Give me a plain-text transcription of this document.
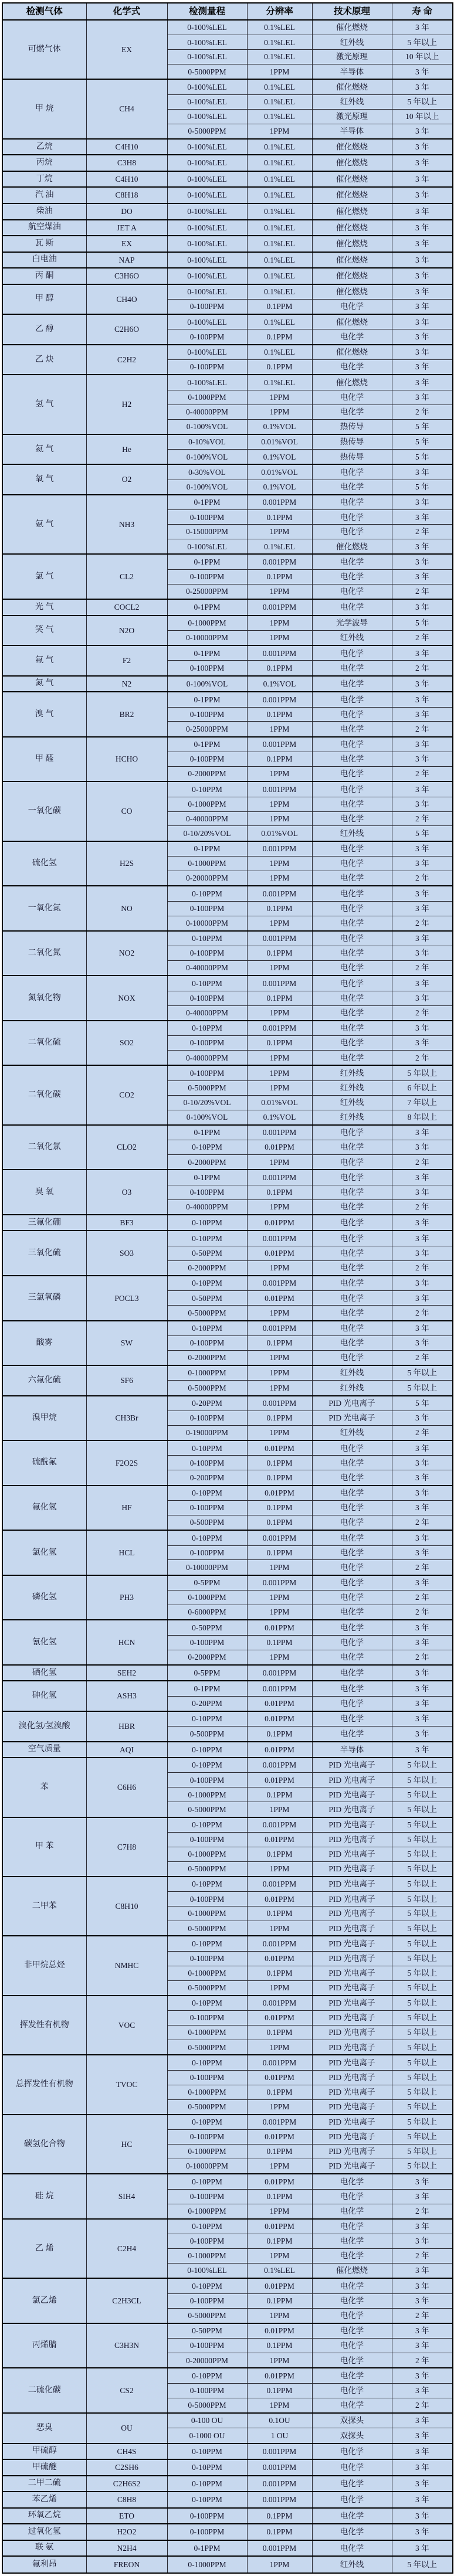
检测气体	化学式	检测量程	分辨率	技术原理	寿 命
可燃气体	EX	0-100%LEL	0.1%LEL	催化燃烧	3 年
		0-100%LEL	0.1%LEL	红外线	5 年以上
		0-100%LEL	0.1%LEL	激光原理	10 年以上
		0-5000PPM	1PPM	半导体	3 年
甲 烷	CH4	0-100%LEL	0.1%LEL	催化燃烧	3 年
		0-100%LEL	0.1%LEL	红外线	5 年以上
		0-100%LEL	0.1%LEL	激光原理	10 年以上
		0-5000PPM	1PPM	半导体	3 年
乙烷	C4H10	0-100%LEL	0.1%LEL	催化燃烧	3 年
丙烷	C3H8	0-100%LEL	0.1%LEL	催化燃烧	3 年
丁烷	C4H10	0-100%LEL	0.1%LEL	催化燃烧	3 年
汽 油	C8H18	0-100%LEL	0.1%LEL	催化燃烧	3 年
柴油	DO	0-100%LEL	0.1%LEL	催化燃烧	3 年
航空煤油	JET A	0-100%LEL	0.1%LEL	催化燃烧	3 年
瓦 斯	EX	0-100%LEL	0.1%LEL	催化燃烧	3 年
白电油	NAP	0-100%LEL	0.1%LEL	催化燃烧	3 年
丙 酮	C3H6O	0-100%LEL	0.1%LEL	催化燃烧	3 年
甲 醇	CH4O	0-100%LEL	0.1%LEL	催化燃烧	3 年
		0-100PPM	0.1PPM	电化学	3 年
乙 醇	C2H6O	0-100%LEL	0.1%LEL	催化燃烧	3 年
		0-100PPM	0.1PPM	电化学	3 年
乙 炔	C2H2	0-100%LEL	0.1%LEL	催化燃烧	3 年
		0-100PPM	0.1PPM	电化学	3 年
氢 气	H2	0-100%LEL	0.1%LEL	催化燃烧	3 年
		0-1000PPM	1PPM	电化学	3 年
		0-40000PPM	1PPM	电化学	2 年
		0-100%VOL	0.1%VOL	热传导	5 年
氦 气	He	0-10%VOL	0.01%VOL	热传导	5 年
		0-100%VOL	0.1%VOL	热传导	5 年
氧 气	O2	0-30%VOL	0.01%VOL	电化学	3 年
		0-100%VOL	0.1%VOL	电化学	5 年
氨 气	NH3	0-1PPM	0.001PPM	电化学	3 年
		0-100PPM	0.1PPM	电化学	3 年
		0-15000PPM	1PPM	电化学	2 年
		0-100%LEL	0.1%LEL	催化燃烧	3 年
氯 气	CL2	0-1PPM	0.001PPM	电化学	3 年
		0-100PPM	0.1PPM	电化学	3 年
		0-25000PPM	1PPM	电化学	2 年
光 气	COCL2	0-1PPM	0.001PPM	电化学	3 年
笑 气	N2O	0-1000PPM	1PPM	光学波导	5 年
		0-10000PPM	1PPM	红外线	2 年
氟 气	F2	0-1PPM	0.001PPM	电化学	3 年
		0-100PPM	0.1PPM	电化学	2 年
氮 气	N2	0-100%VOL	0.1%VOL	电化学	3 年
溴 气	BR2	0-1PPM	0.001PPM	电化学	3 年
		0-100PPM	0.1PPM	电化学	3 年
		0-25000PPM	1PPM	电化学	2 年
甲 醛	HCHO	0-1PPM	0.001PPM	电化学	3 年
		0-100PPM	0.1PPM	电化学	3 年
		0-2000PPM	1PPM	电化学	2 年
一氧化碳	CO	0-10PPM	0.001PPM	电化学	3 年
		0-1000PPM	1PPM	电化学	3 年
		0-40000PPM	1PPM	电化学	2 年
		0-10/20%VOL	0.01%VOL	红外线	5 年
硫化氢	H2S	0-1PPM	0.001PPM	电化学	3 年
		0-1000PPM	1PPM	电化学	3 年
		0-20000PPM	1PPM	电化学	2 年
一氧化氮	NO	0-10PPM	0.001PPM	电化学	3 年
		0-100PPM	0.1PPM	电化学	3 年
		0-10000PPM	1PPM	电化学	2 年
二氧化氮	NO2	0-10PPM	0.001PPM	电化学	3 年
		0-100PPM	0.1PPM	电化学	3 年
		0-40000PPM	1PPM	电化学	2 年
氮氧化物	NOX	0-10PPM	0.001PPM	电化学	3 年
		0-100PPM	0.1PPM	电化学	3 年
		0-40000PPM	1PPM	电化学	2 年
二氧化硫	SO2	0-10PPM	0.001PPM	电化学	3 年
		0-100PPM	0.1PPM	电化学	3 年
		0-40000PPM	1PPM	电化学	2 年
二氧化碳	CO2	0-100PPM	1PPM	红外线	5 年以上
		0-5000PPM	1PPM	红外线	6 年以上
		0-10/20%VOL	0.01%VOL	红外线	7 年以上
		0-100%VOL	0.1%VOL	红外线	8 年以上
二氧化氯	CLO2	0-1PPM	0.001PPM	电化学	3 年
		0-10PPM	0.01PPM	电化学	3 年
		0-2000PPM	1PPM	电化学	2 年
臭 氧	O3	0-1PPM	0.001PPM	电化学	3 年
		0-100PPM	0.1PPM	电化学	3 年
		0-40000PPM	1PPM	电化学	2 年
三氟化硼	BF3	0-10PPM	0.01PPM	电化学	3 年
三氧化硫	SO3	0-10PPM	0.001PPM	电化学	3 年
		0-50PPM	0.01PPM	电化学	3 年
		0-2000PPM	1PPM	电化学	2 年
三氯氧磷	POCL3	0-10PPM	0.001PPM	电化学	3 年
		0-50PPM	0.01PPM	电化学	3 年
		0-5000PPM	1PPM	电化学	2 年
酸雾	SW	0-10PPM	0.001PPM	电化学	3 年
		0-100PPM	0.1PPM	电化学	3 年
		0-2000PPM	1PPM	电化学	2 年
六氟化硫	SF6	0-1000PPM	1PPM	红外线	5 年以上
		0-5000PPM	1PPM	红外线	5 年以上
溴甲烷	CH3Br	0-20PPM	0.001PPM	PID 光电离子	5 年
		0-100PPM	0.1PPM	PID 光电离子	3 年
		0-19000PPM	1PPM	红外线	2 年
硫酰氟	F2O2S	0-10PPM	0.01PPM	电化学	3 年
		0-100PPM	0.1PPM	电化学	3 年
		0-200PPM	0.1PPM	电化学	3 年
氟化氢	HF	0-10PPM	0.01PPM	电化学	3 年
		0-100PPM	0.1PPM	电化学	3 年
		0-500PPM	0.1PPM	电化学	2 年
氯化氢	HCL	0-10PPM	0.001PPM	电化学	3 年
		0-100PPM	0.1PPM	电化学	3 年
		0-10000PPM	1PPM	电化学	2 年
磷化氢	PH3	0-5PPM	0.001PPM	电化学	3 年
		0-1000PPM	1PPM	电化学	2 年
		0-6000PPM	1PPM	电化学	2 年
氰化氢	HCN	0-50PPM	0.01PPM	电化学	3 年
		0-100PPM	0.1PPM	电化学	3 年
		0-2000PPM	1PPM	电化学	2 年
硒化氢	SEH2	0-5PPM	0.001PPM	电化学	3 年
砷化氢	ASH3	0-1PPM	0.001PPM	电化学	3 年
		0-20PPM	0.01PPM	电化学	3 年
溴化氢/氢溴酸	HBR	0-10PPM	0.01PPM	电化学	3 年
		0-500PPM	0.1PPM	电化学	3 年
空气质量	AQI	0-10PPM	0.01PPM	半导体	3 年
苯	C6H6	0-10PPM	0.001PPM	PID 光电离子	5 年以上
		0-100PPM	0.01PPM	PID 光电离子	5 年以上
		0-1000PPM	0.1PPM	PID 光电离子	5 年以上
		0-5000PPM	1PPM	PID 光电离子	5 年以上
甲 苯	C7H8	0-10PPM	0.001PPM	PID 光电离子	5 年以上
		0-100PPM	0.01PPM	PID 光电离子	5 年以上
		0-1000PPM	0.1PPM	PID 光电离子	5 年以上
		0-5000PPM	1PPM	PID 光电离子	5 年以上
二甲苯	C8H10	0-10PPM	0.001PPM	PID 光电离子	5 年以上
		0-100PPM	0.01PPM	PID 光电离子	5 年以上
		0-1000PPM	0.1PPM	PID 光电离子	5 年以上
		0-5000PPM	1PPM	PID 光电离子	5 年以上
非甲烷总烃	NMHC	0-10PPM	0.001PPM	PID 光电离子	5 年以上
		0-100PPM	0.01PPM	PID 光电离子	5 年以上
		0-1000PPM	0.1PPM	PID 光电离子	5 年以上
		0-5000PPM	1PPM	PID 光电离子	5 年以上
挥发性有机物	VOC	0-10PPM	0.001PPM	PID 光电离子	5 年以上
		0-100PPM	0.01PPM	PID 光电离子	5 年以上
		0-1000PPM	0.1PPM	PID 光电离子	5 年以上
		0-5000PPM	1PPM	PID 光电离子	5 年以上
总挥发性有机物	TVOC	0-10PPM	0.001PPM	PID 光电离子	5 年以上
		0-100PPM	0.01PPM	PID 光电离子	5 年以上
		0-1000PPM	0.1PPM	PID 光电离子	5 年以上
		0-5000PPM	1PPM	PID 光电离子	5 年以上
碳氢化合物	HC	0-10PPM	0.001PPM	PID 光电离子	5 年以上
		0-100PPM	0.01PPM	PID 光电离子	5 年以上
		0-1000PPM	0.1PPM	PID 光电离子	5 年以上
		0-10000PPM	1PPM	PID 光电离子	5 年以上
硅 烷	SIH4	0-10PPM	0.01PPM	电化学	3 年
		0-100PPM	0.1PPM	电化学	3 年
		0-1000PPM	1PPM	电化学	2 年
乙 烯	C2H4	0-10PPM	0.01PPM	电化学	3 年
		0-100PPM	0.1PPM	电化学	3 年
		0-1000PPM	1PPM	电化学	2 年
		0-100%LEL	0.1%LEL	催化燃烧	3 年
氯乙烯	C2H3CL	0-10PPM	0.01PPM	电化学	3 年
		0-100PPM	0.1PPM	电化学	3 年
		0-5000PPM	1PPM	电化学	2 年
丙烯腈	C3H3N	0-50PPM	0.01PPM	电化学	3 年
		0-100PPM	0.1PPM	电化学	3 年
		0-20000PPM	1PPM	电化学	2 年
二硫化碳	CS2	0-10PPM	0.01PPM	电化学	3 年
		0-100PPM	0.1PPM	电化学	3 年
		0-5000PPM	1PPM	电化学	2 年
恶臭	OU	0-100 OU	0.1OU	双探头	3 年
		0-1000 OU	1 OU	双探头	3 年
甲硫醇	CH4S	0-10PPM	0.001PPM	电化学	3 年
甲硫醚	C2SH6	0-10PPM	0.001PPM	电化学	3 年
二甲二硫	C2H6S2	0-10PPM	0.001PPM	电化学	3 年
苯乙烯	C8H8	0-10PPM	0.001PPM	电化学	3 年
环氧乙烷	ETO	0-100PPM	0.1PPM	电化学	3 年
过氧化氢	H2O2	0-100PPM	0.1PPM	电化学	3 年
联 氨	N2H4	0-1PPM	0.001PPM	电化学	3 年
氟利昂	FREON	0-1000PPM	1PPM	红外线	5 年以上
